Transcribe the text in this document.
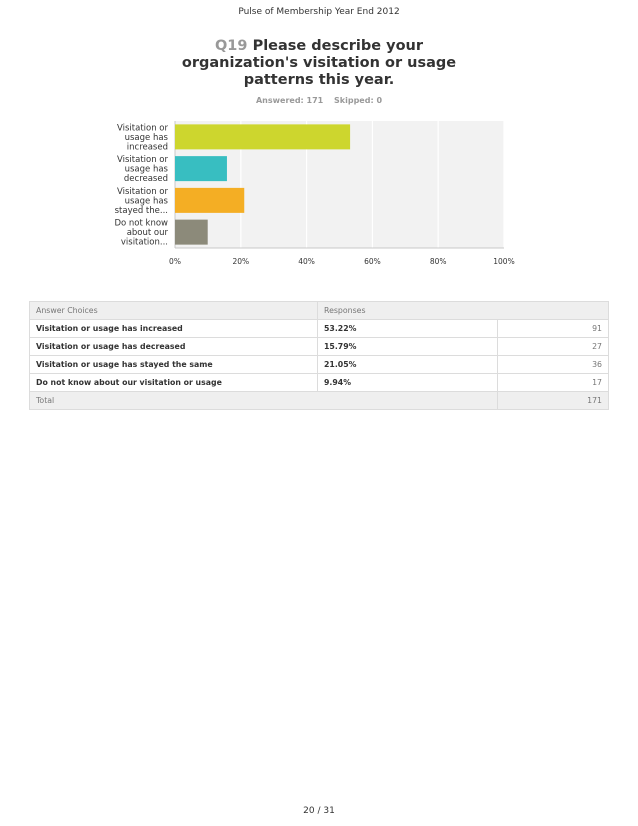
Pulse of Membership Year End 2012
Q19 Please describe your organization's visitation or usage patterns this year.
Answered: 171 Skipped: 0
0%	20%	40%	60%	80%	100%
Visitation or usage has increased
Visitation or usage has decreased
Visitation or usage has stayed the...
Do not know about our visitation...
Answer Choices	Responses	
Visitation or usage has increased	53.22%	91
Visitation or usage has decreased	15.79%	27
Visitation or usage has stayed the same	21.05%	36
Do not know about our visitation or usage	9.94%	17
Total		171
20 / 31
